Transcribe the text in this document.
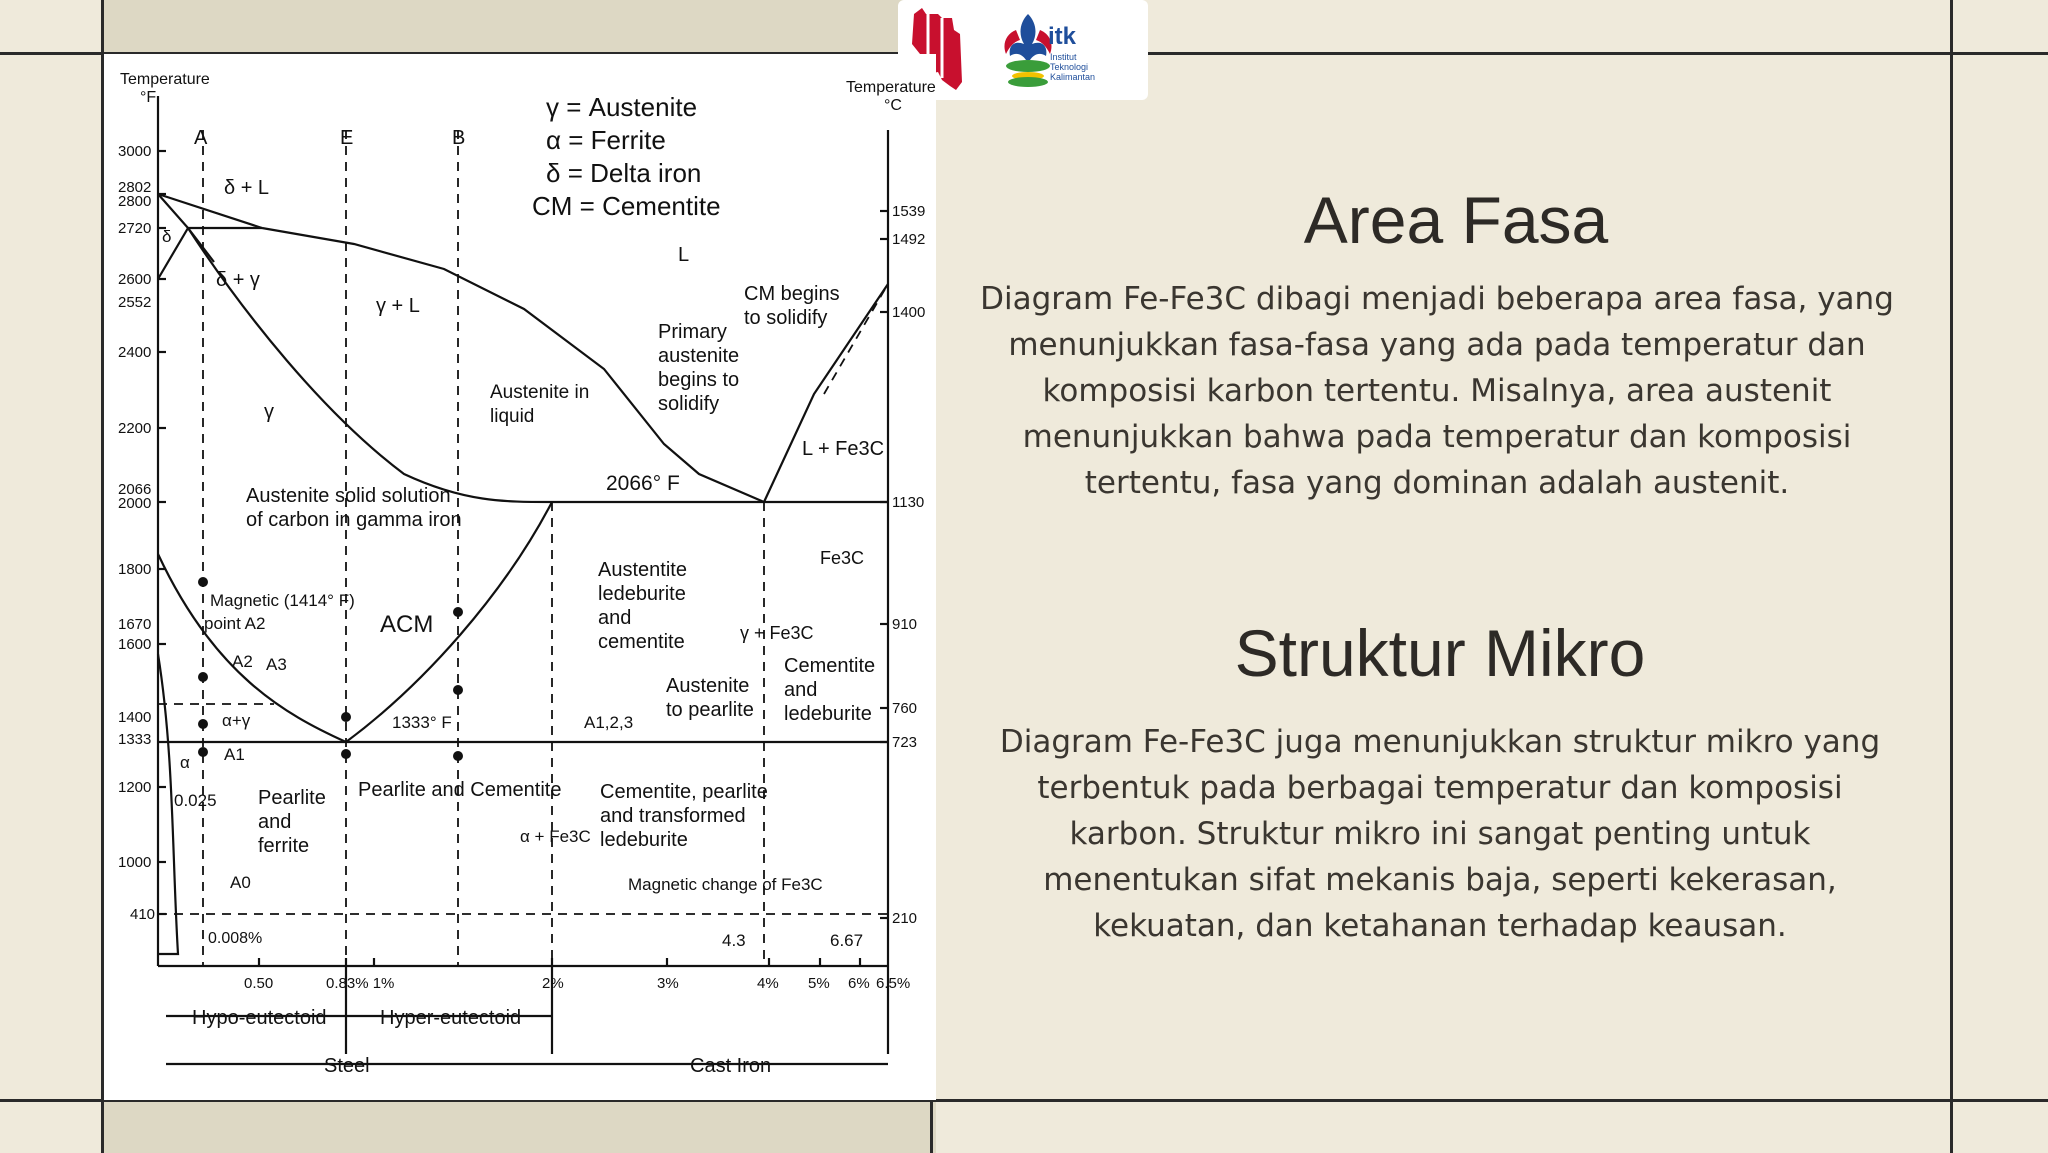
itk
Institut
Teknologi
Kalimantan
Temperature
°F
Temperature
°C
γ = Austenite
α = Ferrite
δ = Delta iron
CM = Cementite
A	E	B
3000
2802
2800
2720
2600
2552
2400
2200
2066
2000
1800
1670
1600
1400
1333
1200
1000
410
1539
1492
1400
1130
910
760
723
210
0.50	0.83% 1%	2%	3%	4% 5% 6% 6.5%
δ + L
δ
δ + γ
γ + L
L
γ
CM begins
to solidify
Primary
austenite
begins to
solidify
Austenite in
liquid
L + Fe3C
2066° F
Austenite solid solution
of carbon in gamma iron
Austentite
ledeburite
and
cementite
Fe3C
Magnetic (1414° F)
point A2	ACM	γ + Fe3C
A2 A3	Cementite
and
ledeburite
Austenite
to pearlite
α+γ	1333° F	A1,2,3
α A1
0.025 Pearlite
and
ferrite
Pearlite and Cementite Cementite, pearlite
and transformed
ledeburite
α + Fe3C
A0	Magnetic change of Fe3C
0.008%	4.3	6.67
Hypo-eutectoid	Hyper-eutectoid
Steel	Cast Iron
Area Fasa
Diagram Fe-Fe3C dibagi menjadi beberapa area fasa, yang menunjukkan fasa-fasa yang ada pada temperatur dan komposisi karbon tertentu. Misalnya, area austenit menunjukkan bahwa pada temperatur dan komposisi tertentu, fasa yang dominan adalah austenit.
Struktur Mikro
Diagram Fe-Fe3C juga menunjukkan struktur mikro yang terbentuk pada berbagai temperatur dan komposisi karbon. Struktur mikro ini sangat penting untuk menentukan sifat mekanis baja, seperti kekerasan, kekuatan, dan ketahanan terhadap keausan.
